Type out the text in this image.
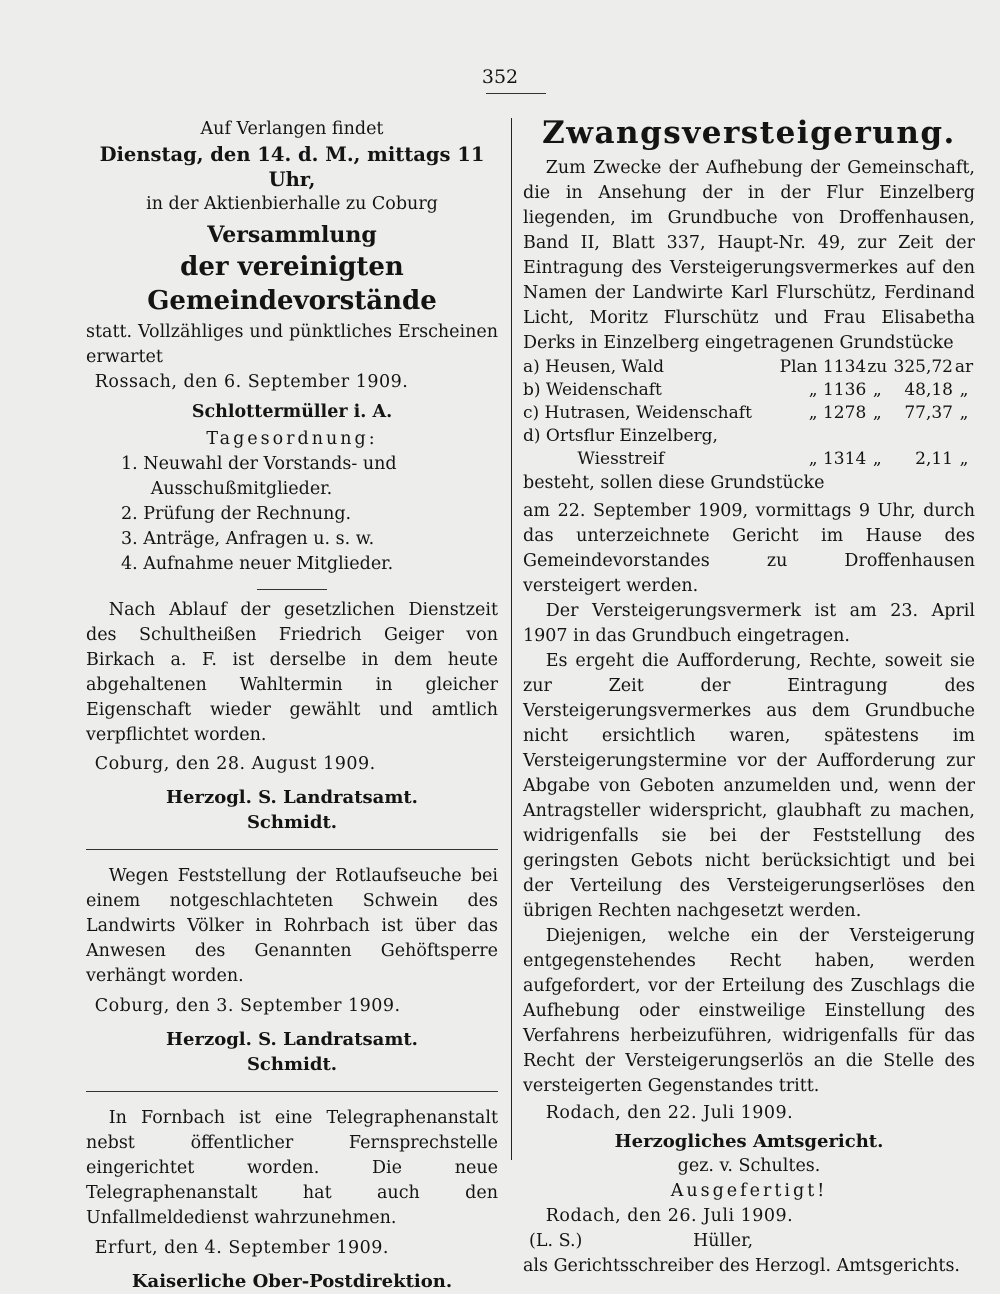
352

Auf Verlangen findet

Dienstag, den 14. d. M., mittags 11 Uhr,

in der Aktienbierhalle zu Coburg

Versammlung

der vereinigten Gemeindevorstände

statt. Vollzähliges und pünktliches Erscheinen erwartet

Rossach, den 6. September 1909.

Schlottermüller i. A.

Tagesordnung:

1. Neuwahl der Vorstands- und Ausschußmitglieder.
2. Prüfung der Rechnung.
3. Anträge, Anfragen u. s. w.
4. Aufnahme neuer Mitglieder.

Nach Ablauf der gesetzlichen Dienstzeit des Schultheißen Friedrich Geiger von Birkach a. F. ist derselbe in dem heute abgehaltenen Wahltermin in gleicher Eigenschaft wieder gewählt und amtlich verpflichtet worden.

Coburg, den 28. August 1909.

Herzogl. S. Landratsamt.

Schmidt.

Wegen Feststellung der Rotlaufseuche bei einem notgeschlachteten Schwein des Landwirts Völker in Rohrbach ist über das Anwesen des Genannten Gehöftsperre verhängt worden.

Coburg, den 3. September 1909.

Herzogl. S. Landratsamt.

Schmidt.

In Fornbach ist eine Telegraphenanstalt nebst öffentlicher Fernsprechstelle eingerichtet worden. Die neue Telegraphenanstalt hat auch den Unfallmeldedienst wahrzunehmen.

Erfurt, den 4. September 1909.

Kaiserliche Ober-Postdirektion.

Zwangsversteigerung.

Zum Zwecke der Aufhebung der Gemeinschaft, die in Ansehung der in der Flur Einzelberg liegenden, im Grundbuche von Droffenhausen, Band II, Blatt 337, Haupt-Nr. 49, zur Zeit der Eintragung des Versteigerungsvermerkes auf den Namen der Landwirte Karl Flurschütz, Ferdinand Licht, Moritz Flurschütz und Frau Elisabetha Derks in Einzelberg eingetragenen Grundstücke

a) Heusen, Wald	Plan 1134	zu	325,72	ar
b) Weidenschaft	„ 1136	„	48,18	„
c) Hutrasen, Weidenschaft	„ 1278	„	77,37	„
d) Ortsflur Einzelberg,				
Wiesstreif	„ 1314	„	2,11	„

besteht, sollen diese Grundstücke

am 22. September 1909, vormittags 9 Uhr, durch das unterzeichnete Gericht im Hause des Gemeindevorstandes zu Droffenhausen versteigert werden.

Der Versteigerungsvermerk ist am 23. April 1907 in das Grundbuch eingetragen.

Es ergeht die Aufforderung, Rechte, soweit sie zur Zeit der Eintragung des Versteigerungsvermerkes aus dem Grundbuche nicht ersichtlich waren, spätestens im Versteigerungstermine vor der Aufforderung zur Abgabe von Geboten anzumelden und, wenn der Antragsteller widerspricht, glaubhaft zu machen, widrigenfalls sie bei der Feststellung des geringsten Gebots nicht berücksichtigt und bei der Verteilung des Versteigerungserlöses den übrigen Rechten nachgesetzt werden.

Diejenigen, welche ein der Versteigerung entgegenstehendes Recht haben, werden aufgefordert, vor der Erteilung des Zuschlags die Aufhebung oder einstweilige Einstellung des Verfahrens herbeizuführen, widrigenfalls für das Recht der Versteigerungserlös an die Stelle des versteigerten Gegenstandes tritt.

Rodach, den 22. Juli 1909.

Herzogliches Amtsgericht.

gez. v. Schultes.

Ausgefertigt!

Rodach, den 26. Juli 1909.

(L. S.)	Hüller,

als Gerichtsschreiber des Herzogl. Amtsgerichts.
